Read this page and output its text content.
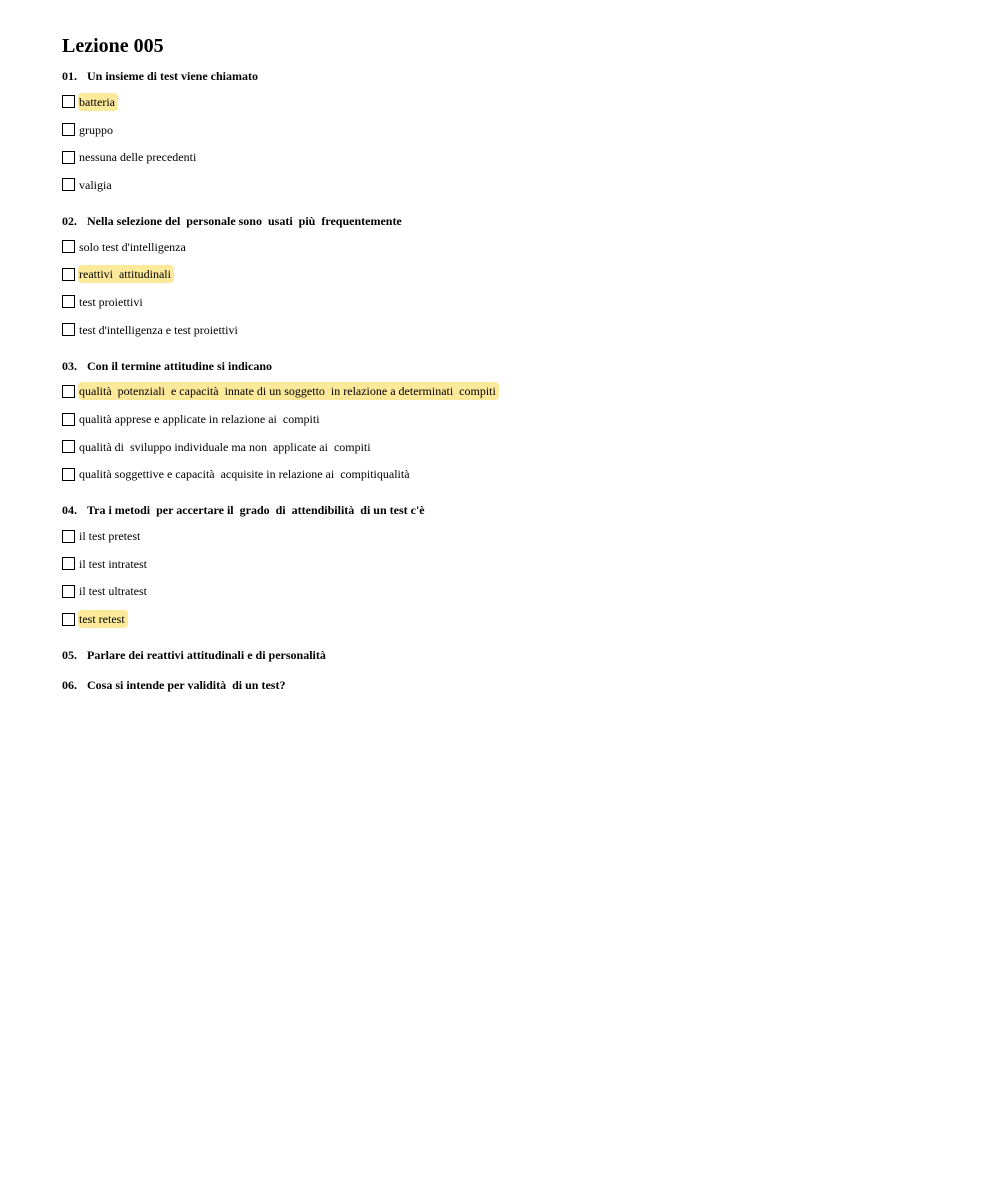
Lezione 005
01. Un insieme di test viene chiamato
batteria
gruppo
nessuna delle precedenti
valigia
02. Nella selezione del  personale sono  usati  più  frequentemente
solo test d'intelligenza
reattivi  attitudinali
test proiettivi
test d'intelligenza e test proiettivi
03. Con il termine attitudine si indicano
qualità  potenziali  e capacità  innate di un soggetto  in relazione a determinati  compiti
qualità apprese e applicate in relazione ai  compiti
qualità di  sviluppo individuale ma non  applicate ai  compiti
qualità soggettive e capacità  acquisite in relazione ai  compitiqualità
04. Tra i metodi  per accertare il  grado  di  attendibilità  di un test c'è
il test pretest
il test intratest
il test ultratest
test retest
05. Parlare dei reattivi attitudinali e di personalità
06. Cosa si intende per validità  di un test?
